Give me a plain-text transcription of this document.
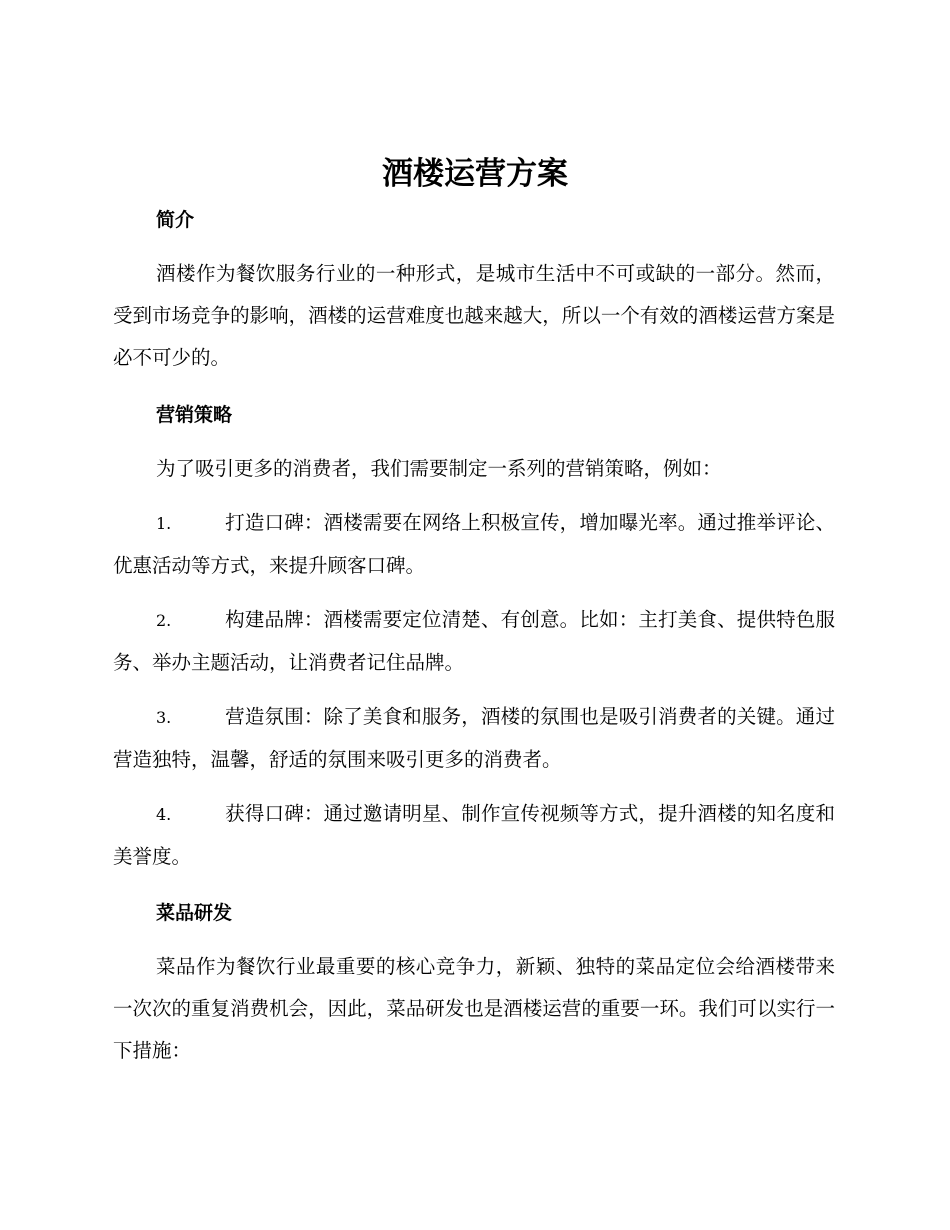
酒楼运营方案
简介
酒楼作为餐饮服务行业的一种形式，是城市生活中不可或缺的一部分。然而，受到市场竞争的影响，酒楼的运营难度也越来越大，所以一个有效的酒楼运营方案是必不可少的。
营销策略
为了吸引更多的消费者，我们需要制定一系列的营销策略，例如：
1.	打造口碑：酒楼需要在网络上积极宣传，增加曝光率。通过推举评论、优惠活动等方式，来提升顾客口碑。
2.	构建品牌：酒楼需要定位清楚、有创意。比如：主打美食、提供特色服务、举办主题活动，让消费者记住品牌。
3.	营造氛围：除了美食和服务，酒楼的氛围也是吸引消费者的关键。通过营造独特，温馨，舒适的氛围来吸引更多的消费者。
4.	获得口碑：通过邀请明星、制作宣传视频等方式，提升酒楼的知名度和美誉度。
菜品研发
菜品作为餐饮行业最重要的核心竞争力，新颖、独特的菜品定位会给酒楼带来一次次的重复消费机会，因此，菜品研发也是酒楼运营的重要一环。我们可以实行一下措施：
